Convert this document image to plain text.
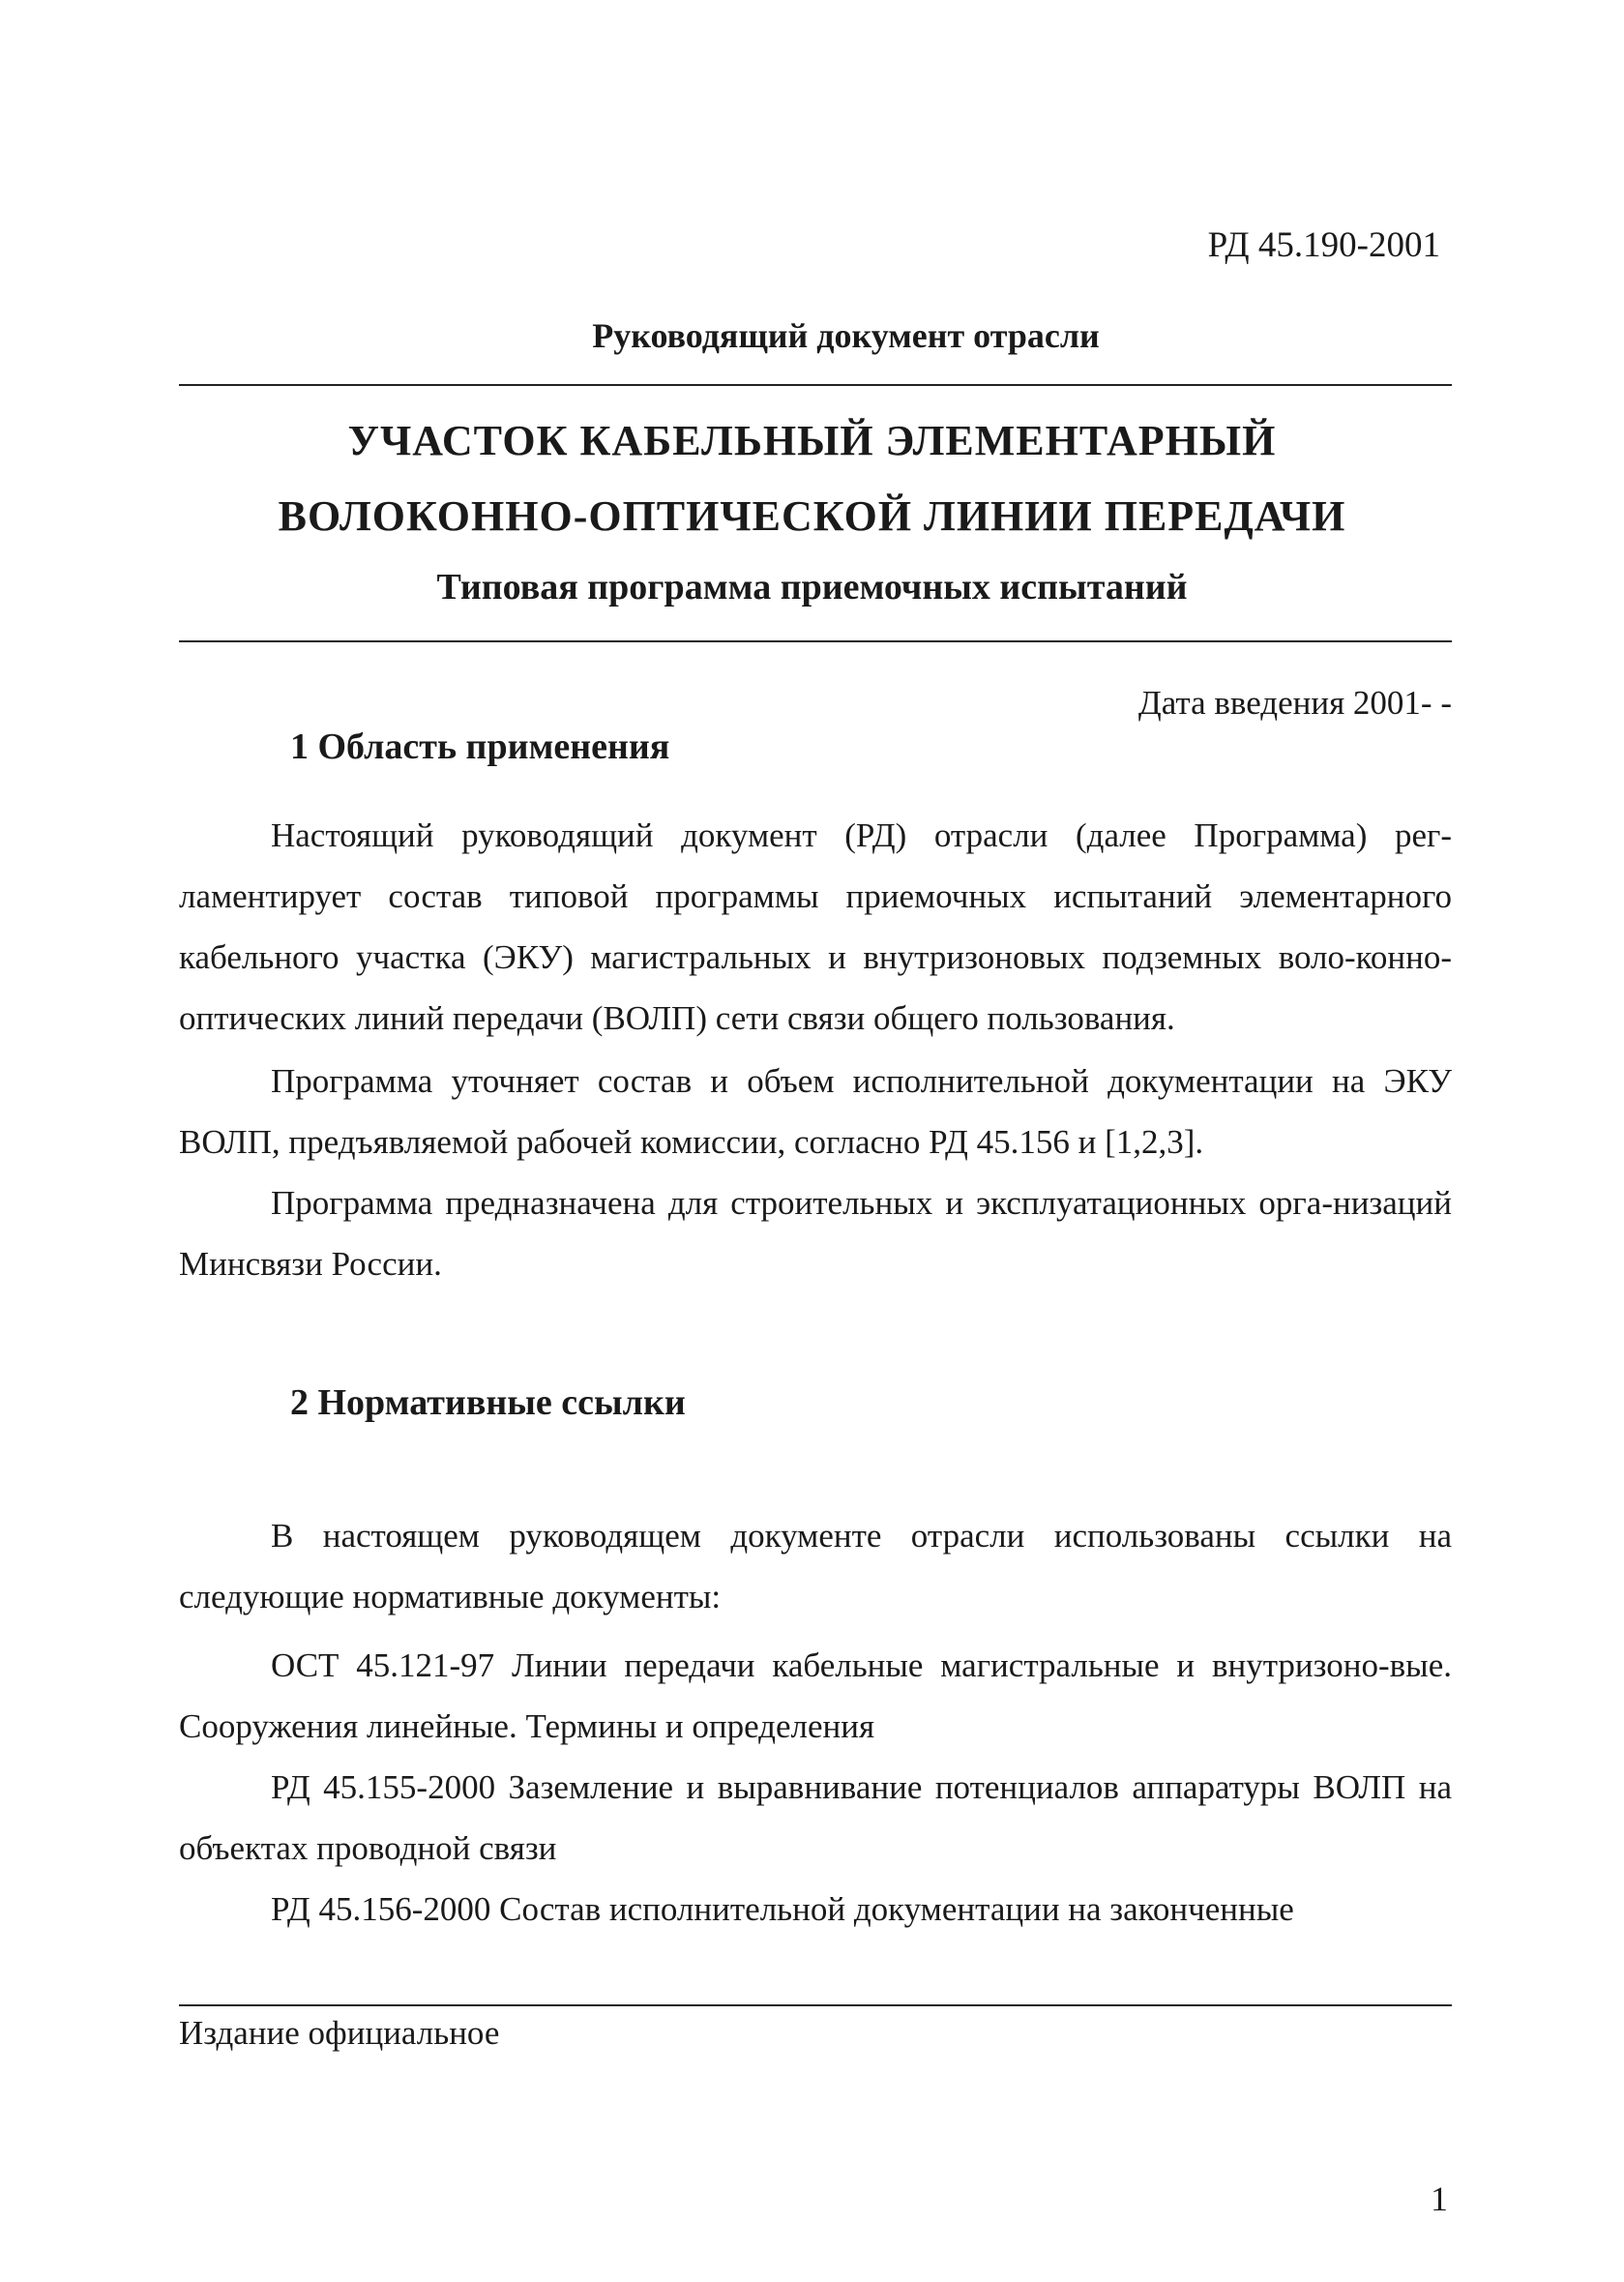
РД 45.190-2001
Руководящий документ отрасли
УЧАСТОК КАБЕЛЬНЫЙ ЭЛЕМЕНТАРНЫЙ
ВОЛОКОННО-ОПТИЧЕСКОЙ ЛИНИИ ПЕРЕДАЧИ
Типовая программа приемочных испытаний
Дата введения 2001- -
1 Область применения
Настоящий руководящий документ (РД) отрасли (далее Программа) рег-ламентирует состав типовой программы приемочных испытаний элементарного кабельного участка (ЭКУ) магистральных и внутризоновых подземных воло-конно-оптических линий передачи (ВОЛП) сети связи общего пользования.
Программа уточняет состав и объем исполнительной документации на ЭКУ ВОЛП, предъявляемой рабочей комиссии, согласно РД 45.156 и [1,2,3].
Программа предназначена для строительных и эксплуатационных орга-низаций Минсвязи России.
2 Нормативные ссылки
В настоящем руководящем документе отрасли использованы ссылки на следующие нормативные документы:
ОСТ 45.121-97 Линии передачи кабельные магистральные и внутризоно-вые. Сооружения линейные. Термины и определения
РД 45.155-2000 Заземление и выравнивание потенциалов аппаратуры ВОЛП на объектах проводной связи
РД 45.156-2000 Состав исполнительной документации на законченные
Издание официальное
1
